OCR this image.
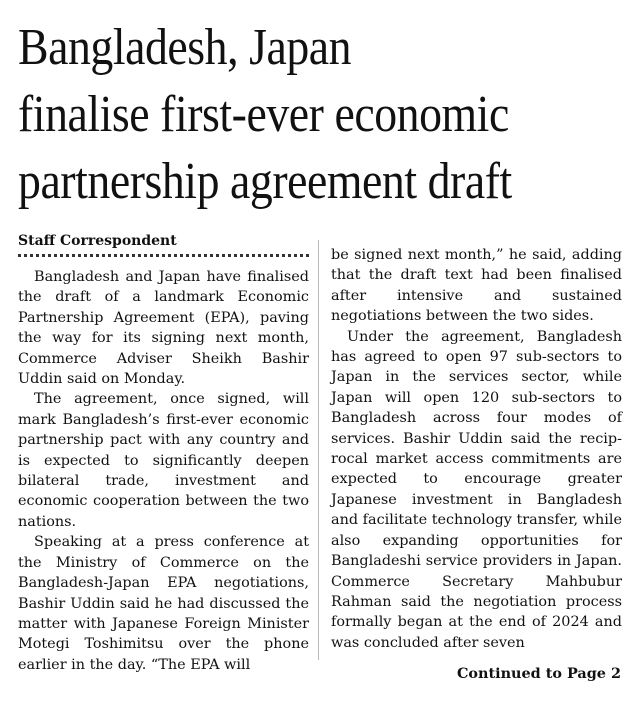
Bangladesh, Japan
finalise first-ever economic
partnership agreement draft
Staff Correspondent

Bangladesh and Japan have finalised the draft of a landmark Economic Partnership Agreement (EPA), paving the way for its signing next month, Commerce Adviser Sheikh Bashir Uddin said on Monday.

The agreement, once signed, will mark Bangladesh’s first-ever economic partnership pact with any country and is expected to significantly deepen bilateral trade, investment and economic cooperation between the two nations.

Speaking at a press conference at the Ministry of Commerce on the Bangladesh-Japan EPA negotiations, Bashir Uddin said he had discussed the matter with Japanese Foreign Minister Motegi Toshimitsu over the phone earlier in the day. “The EPA will

be signed next month,” he said, adding that the draft text had been finalised after intensive and sustained negotiations between the two sides.

Under the agreement, Bangladesh has agreed to open 97 sub-sectors to Japan in the services sector, while Japan will open 120 sub-sectors to Bangladesh across four modes of services. Bashir Uddin said the reciprocal market access commitments are expected to encourage greater Japanese investment in Bangladesh and facilitate technology transfer, while also expanding opportunities for Bangladeshi service providers in Japan. Commerce Secretary Mahbubur Rahman said the negotiation process formally began at the end of 2024 and was concluded after seven

Continued to Page 2
